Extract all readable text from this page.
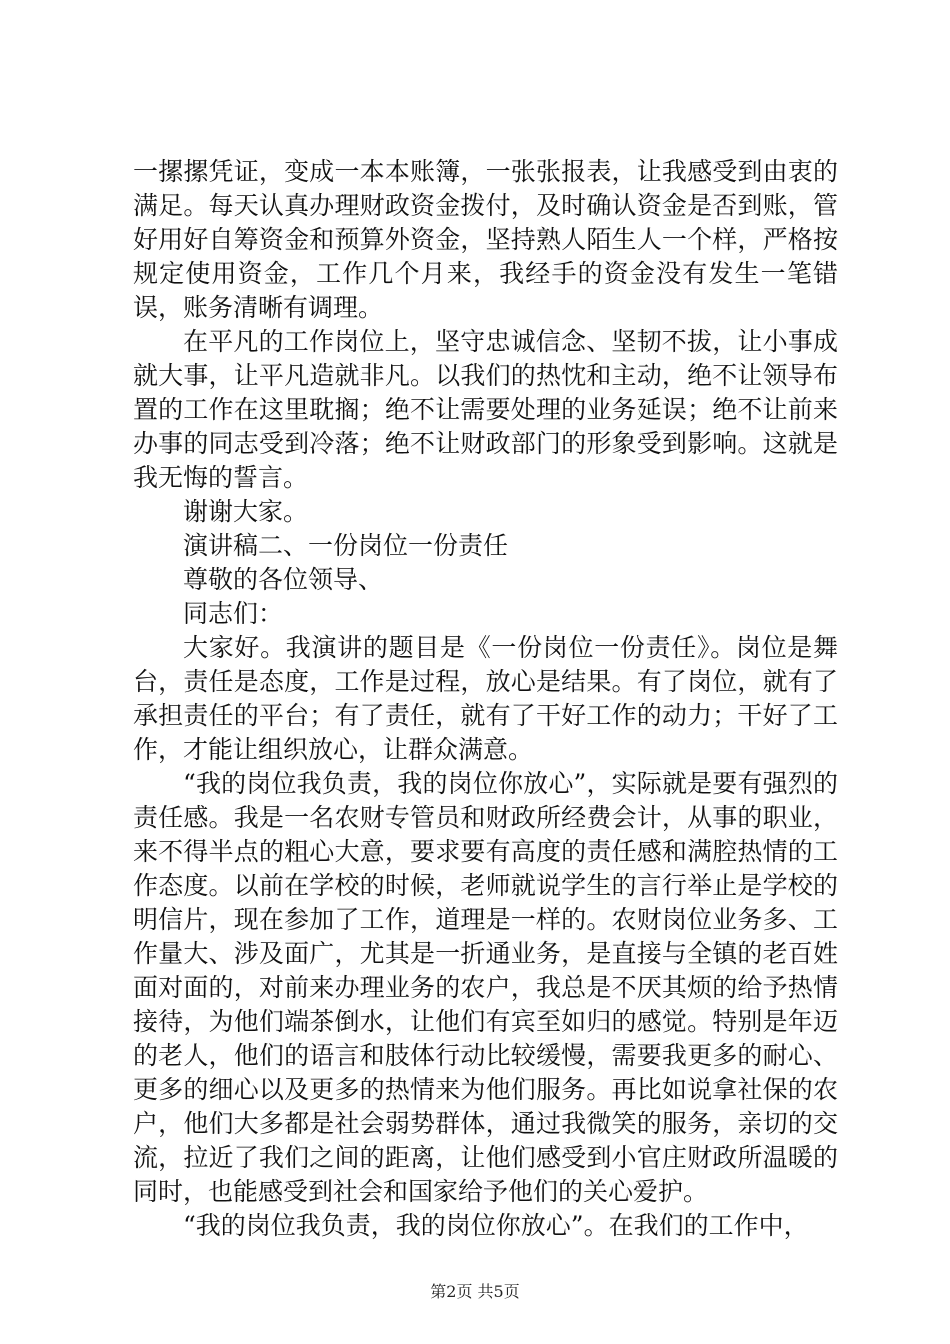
一摞摞凭证，变成一本本账簿，一张张报表，让我感受到由衷的满足。每天认真办理财政资金拨付，及时确认资金是否到账，管好用好自筹资金和预算外资金，坚持熟人陌生人一个样，严格按规定使用资金，工作几个月来，我经手的资金没有发生一笔错误，账务清晰有调理。

在平凡的工作岗位上，坚守忠诚信念、坚韧不拔，让小事成就大事，让平凡造就非凡。以我们的热忱和主动，绝不让领导布置的工作在这里耽搁；绝不让需要处理的业务延误；绝不让前来办事的同志受到冷落；绝不让财政部门的形象受到影响。这就是我无悔的誓言。

谢谢大家。

演讲稿二、一份岗位一份责任

尊敬的各位领导、

同志们：

大家好。我演讲的题目是《一份岗位一份责任》。岗位是舞台，责任是态度，工作是过程，放心是结果。有了岗位，就有了承担责任的平台；有了责任，就有了干好工作的动力；干好了工作，才能让组织放心，让群众满意。

“我的岗位我负责，我的岗位你放心”，实际就是要有强烈的责任感。我是一名农财专管员和财政所经费会计，从事的职业，来不得半点的粗心大意，要求要有高度的责任感和满腔热情的工作态度。以前在学校的时候，老师就说学生的言行举止是学校的明信片，现在参加了工作，道理是一样的。农财岗位业务多、工作量大、涉及面广，尤其是一折通业务，是直接与全镇的老百姓面对面的，对前来办理业务的农户，我总是不厌其烦的给予热情接待，为他们端茶倒水，让他们有宾至如归的感觉。特别是年迈的老人，他们的语言和肢体行动比较缓慢，需要我更多的耐心、更多的细心以及更多的热情来为他们服务。再比如说拿社保的农户，他们大多都是社会弱势群体，通过我微笑的服务，亲切的交流，拉近了我们之间的距离，让他们感受到小官庄财政所温暖的同时，也能感受到社会和国家给予他们的关心爱护。

“我的岗位我负责，我的岗位你放心”。在我们的工作中，

第2页 共5页
